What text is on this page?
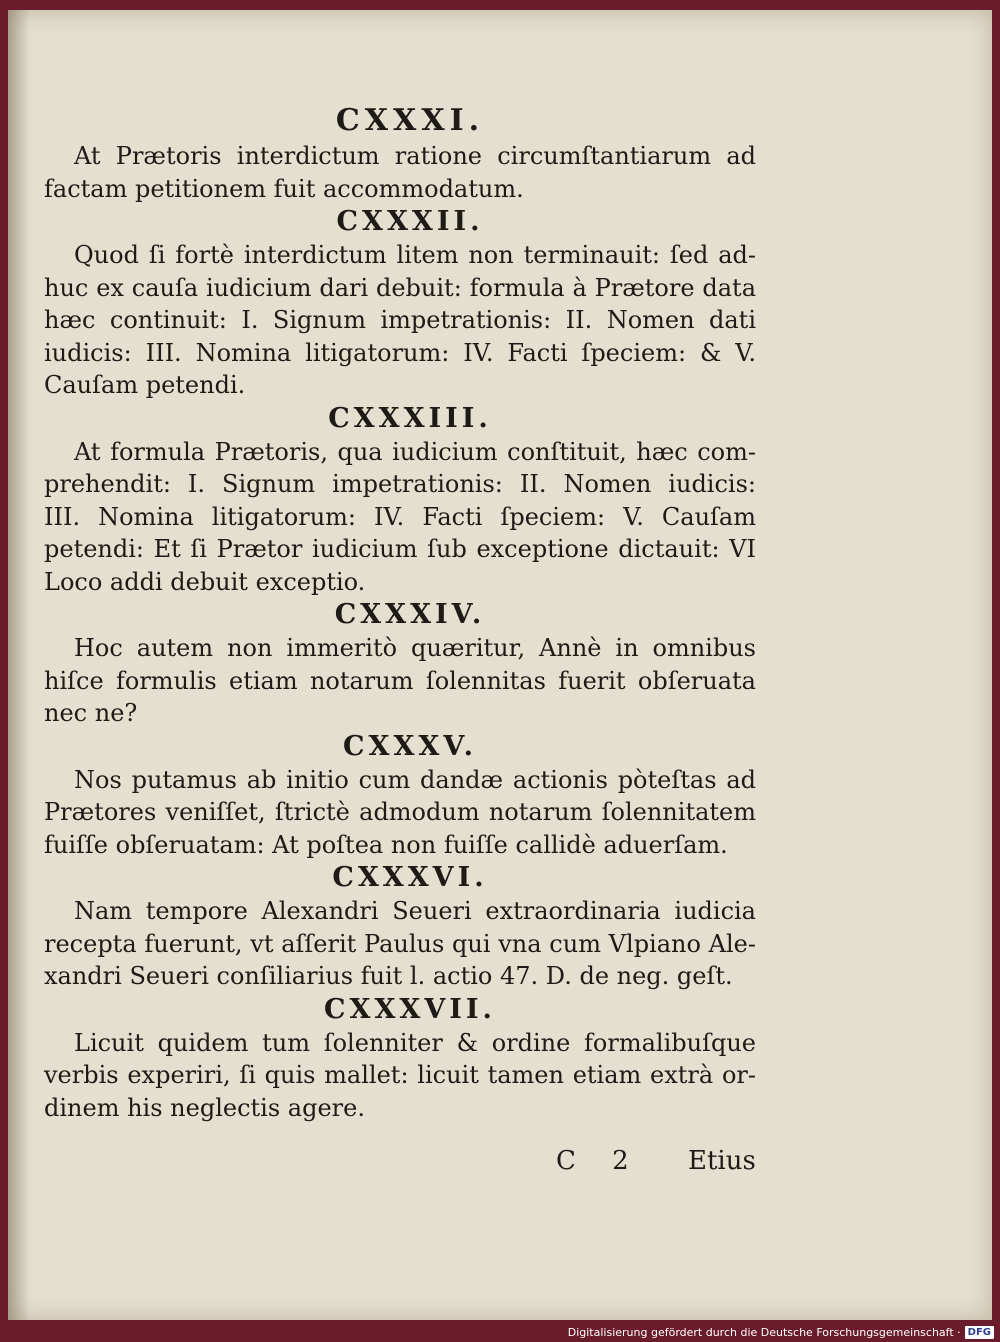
CXXXI.

At Prætoris interdictum ratione circumſtantiarum ad
factam petitionem fuit accommodatum.

CXXXII.

Quod ſi fortè interdictum litem non terminauit: ſed ad-
huc ex cauſa iudicium dari debuit: formula à Prætore data
hæc continuit: I. Signum impetrationis: II. Nomen dati
iudicis: III. Nomina litigatorum: IV. Facti ſpeciem: & V.
Cauſam petendi.

CXXXIII.

At formula Prætoris, qua iudicium conſtituit, hæc com-
prehendit: I. Signum impetrationis: II. Nomen iudicis:
III. Nomina litigatorum: IV. Facti ſpeciem: V. Cauſam
petendi: Et ſi Prætor iudicium ſub exceptione dictauit: VI
Loco addi debuit exceptio.

CXXXIV.

Hoc autem non immeritò quæritur, Annè in omnibus
hiſce formulis etiam notarum ſolennitas fuerit obſeruata
nec ne?

CXXXV.

Nos putamus ab initio cum dandæ actionis pòteſtas ad
Prætores veniſſet, ſtrictè admodum notarum ſolennitatem
fuiſſe obſeruatam: At poſtea non fuiſſe callidè aduerſam.

CXXXVI.

Nam tempore Alexandri Seueri extraordinaria iudicia
recepta fuerunt, vt aſſerit Paulus qui vna cum Vlpiano Ale-
xandri Seueri conſiliarius fuit l. actio 47. D. de neg. geſt.

CXXXVII.

Licuit quidem tum ſolenniter & ordine formalibuſque
verbis experiri, ſi quis mallet: licuit tamen etiam extrà or-
dinem his neglectis agere.

C 2 Etius
Digitalisierung gefördert durch die Deutsche Forschungsgemeinschaft · DFG
